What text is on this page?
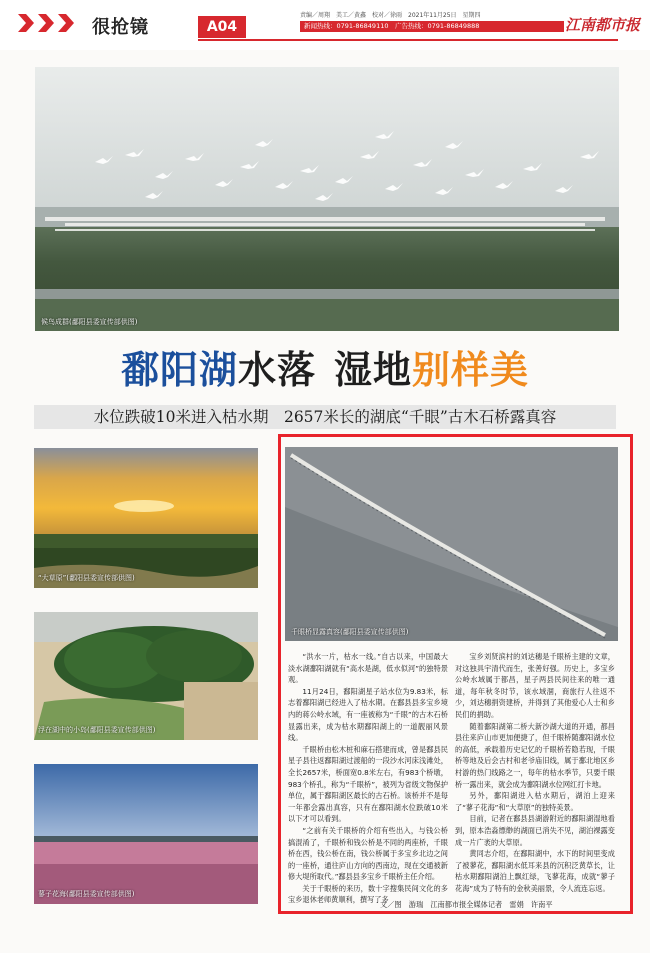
很抢镜	A04
责编／周翔　美工／黄鑫　校对／徐雨　2021年11月25日　星期四
新闻热线：0791-86849110　广告热线：0791-86849888	江南都市报
候鸟成群(鄱阳县委宣传部供图)
鄱阳湖水落 湿地别样美
水位跌破10米进入枯水期　2657米长的湖底“千眼”古木石桥露真容
“大草原”(鄱阳县委宣传部供图)
浮在湖中的小岛(鄱阳县委宣传部供图)
蓼子花海(鄱阳县委宣传部供图)
千眼桥显露真容(鄱阳县委宣传部供图)

“洪水一片，枯水一线。”自古以来，中国最大淡水湖鄱阳湖就有“高水是湖，低水似河”的独特景观。

11月24日，鄱阳湖星子站水位为9.83米，标志着鄱阳湖已经进入了枯水期。在鄱县县多宝乡境内的蒋公岭水域，有一座被称为“千眼”的古木石桥显露出来，成为枯水期鄱阳湖上的一道靓丽风景线。

千眼桥由松木桩和麻石搭建而成，曾是鄱县民星子县往返鄱阳湖过渡船的一段沙水河床浅滩处，全长2657米，桥面宽0.8米左右，有983个桥墩，983个桥孔，称为“千眼桥”，被列为省级文物保护单位，属于鄱阳湖区最长的古石桥。该桥并不是每一年都会露出真容，只有在鄱阳湖水位跌破10米以下才可以看到。

“之前有关千眼桥的介绍有些出入，与钱公桥搞混淆了，千眼桥和钱公桥是不同的两座桥，千眼桥在西，钱公桥在南，钱公桥属于多宝乡北边之间的一座桥，通往庐山方向的西南边，现在交通被新修大堤所取代。”鄱县县多宝乡千眼桥主任介绍。

关于千眼桥的来历，数十字搜集民间文化的多宝乡退休老师黄顺利，撰写了多

宝乡刘贤滨村的刘达穗是千眼桥主建的文章，对这独具宇清代而生，张善好强。历史上，多宝乡公岭水域属于都昌，星子两县民间往来的唯一通道，每年秋冬时节，该水域涸，商旅行人往返不少，刘达穗捐资建桥，并得到了其他爱心人士和乡民们的捐助。

随着鄱阳湖第二桥大新沙湖大道的开通，都昌县往来庐山市更加便捷了，但千眼桥随鄱阳湖水位的高低，承载着历史记忆的千眼桥若隐若现，千眼桥等地及后会古村和老爷庙旧线，属于鄱北地区乡村游的热门线路之一，每年的枯水季节，只要千眼桥一露出来，就会成为鄱阳湖水位网红打卡地。

另外，鄱阳湖进入枯水期后，湖泊上迎来了“蓼子花海”和“大草原”的独特美景。

目前，记者在鄱县县湖游附近的鄱阳湖湿地看到，原本浩淼缥缈的湖面已消失不见，湖泊裸露变成一片广袤的大草原。

黄同志介绍，在鄱阳湖中，水下的时间里变成了被蓼花，鄱阳湖水低耳来县的沉积泛黄草长，让枯水期鄱阳湖泊上飘红绿，飞蓼花海，成就“蓼子花海”成为了特有的金秋美丽景，令人流连忘返。

文／图　游瑞　江南都市报全媒体记者　雷娟　许南平
